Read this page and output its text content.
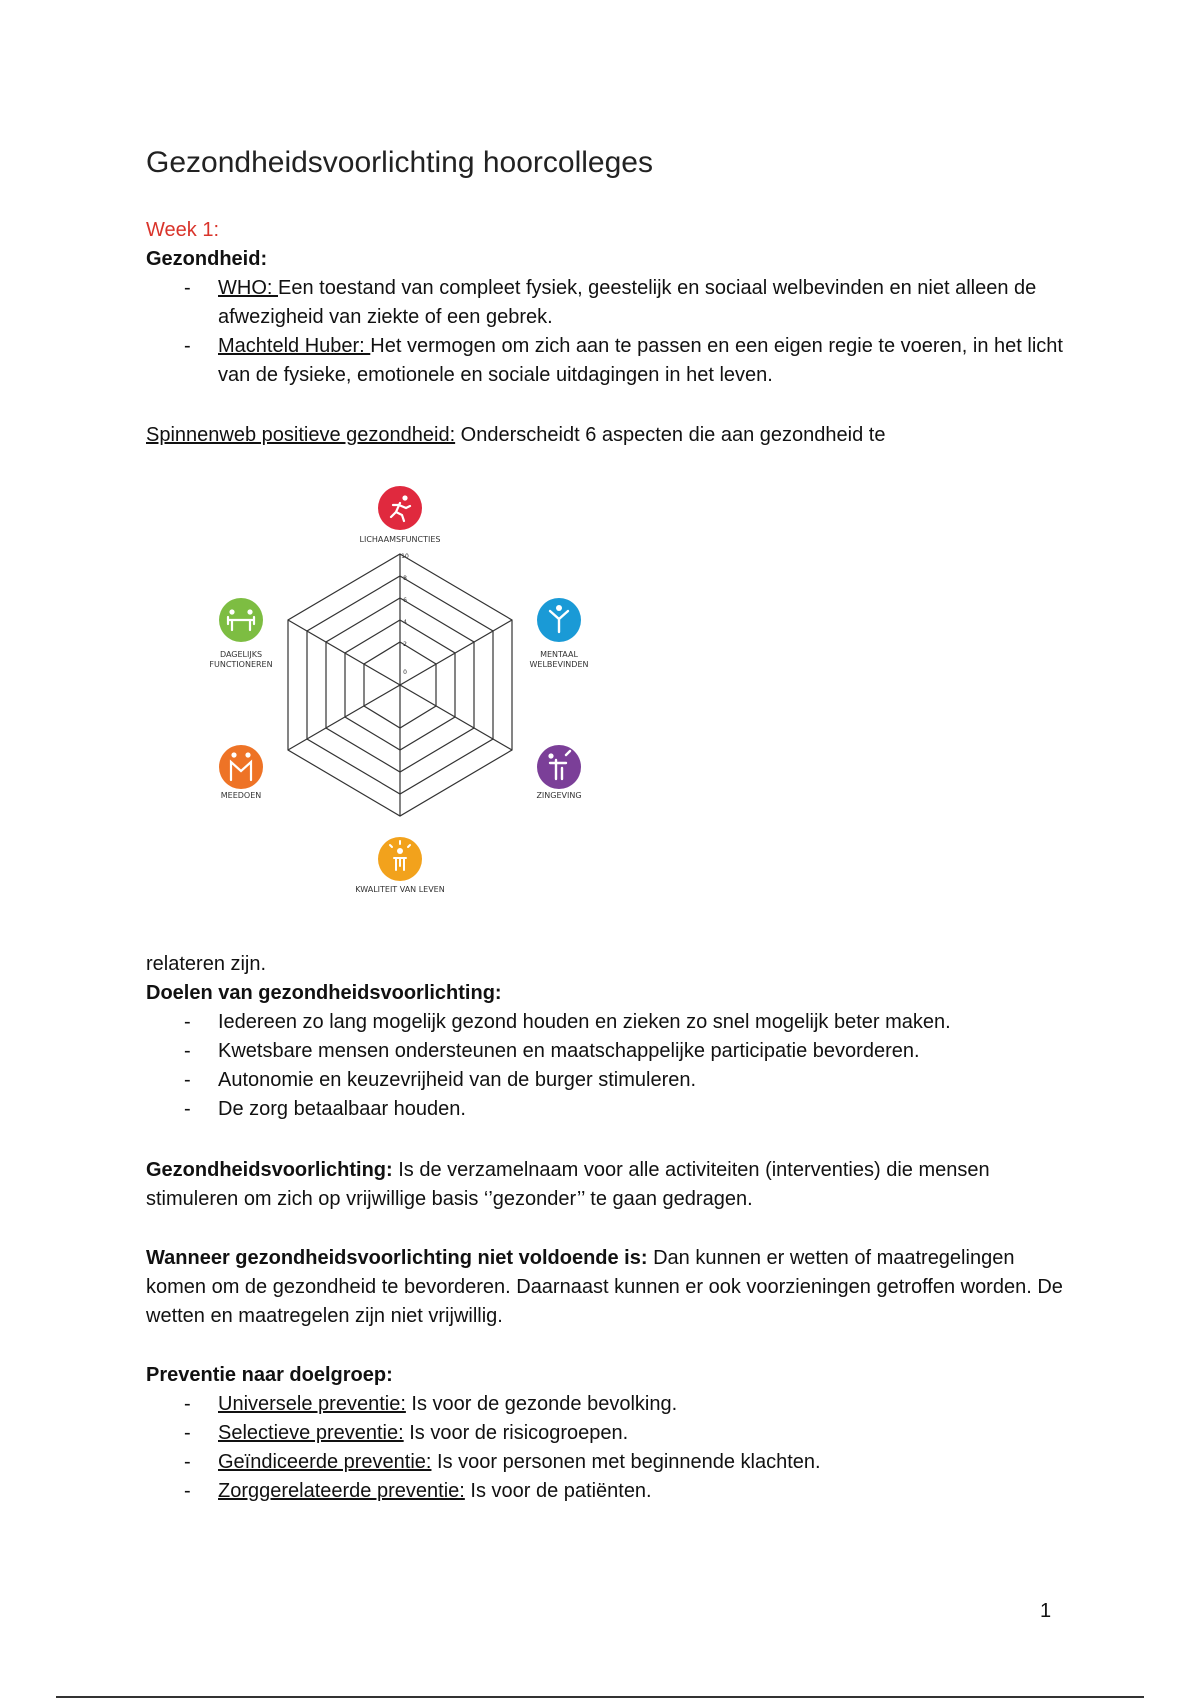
Gezondheidsvoorlichting hoorcolleges

Week 1:

Gezondheid:

- WHO: Een toestand van compleet fysiek, geestelijk en sociaal welbevinden en niet alleen de afwezigheid van ziekte of een gebrek.
- Machteld Huber: Het vermogen om zich aan te passen en een eigen regie te voeren, in het licht van de fysieke, emotionele en sociale uitdagingen in het leven.
Spinnenweb positieve gezondheid: Onderscheidt 6 aspecten die aan gezondheid te
10
8
6
4
2
0
LICHAAMSFUNCTIES
MENTAAL
WELBEVINDEN
ZINGEVING
KWALITEIT VAN LEVEN
MEEDOEN
DAGELIJKS
FUNCTIONEREN

relateren zijn.

Doelen van gezondheidsvoorlichting:

- Iedereen zo lang mogelijk gezond houden en zieken zo snel mogelijk beter maken.
- Kwetsbare mensen ondersteunen en maatschappelijke participatie bevorderen.
- Autonomie en keuzevrijheid van de burger stimuleren.
- De zorg betaalbaar houden.
Gezondheidsvoorlichting: Is de verzamelnaam voor alle activiteiten (interventies) die mensen stimuleren om zich op vrijwillige basis ‘’gezonder’’ te gaan gedragen.
Wanneer gezondheidsvoorlichting niet voldoende is: Dan kunnen er wetten of maatregelingen komen om de gezondheid te bevorderen. Daarnaast kunnen er ook voorzieningen getroffen worden. De wetten en maatregelen zijn niet vrijwillig.

Preventie naar doelgroep:

- Universele preventie: Is voor de gezonde bevolking.
- Selectieve preventie: Is voor de risicogroepen.
- Geïndiceerde preventie: Is voor personen met beginnende klachten.
- Zorggerelateerde preventie: Is voor de patiënten.
1
